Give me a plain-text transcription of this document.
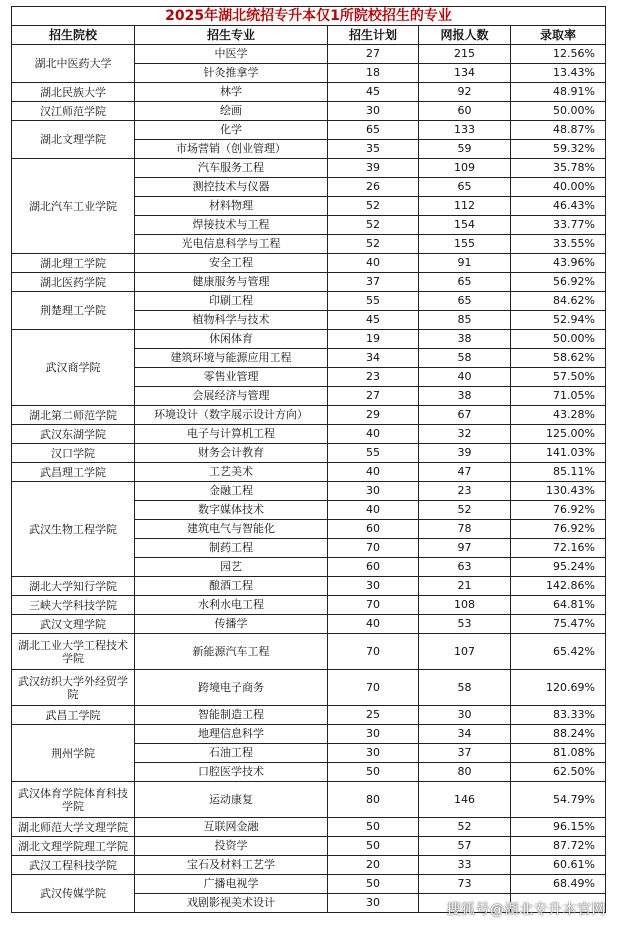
2025年湖北统招专升本仅1所院校招生的专业				
招生院校	招生专业	招生计划	网报人数	录取率
湖北中医药大学	中医学	27	215	12.56%
	针灸推拿学	18	134	13.43%
湖北民族大学	林学	45	92	48.91%
汉江师范学院	绘画	30	60	50.00%
湖北文理学院	化学	65	133	48.87%
	市场营销（创业管理）	35	59	59.32%
湖北汽车工业学院	汽车服务工程	39	109	35.78%
	测控技术与仪器	26	65	40.00%
	材料物理	52	112	46.43%
	焊接技术与工程	52	154	33.77%
	光电信息科学与工程	52	155	33.55%
湖北理工学院	安全工程	40	91	43.96%
湖北医药学院	健康服务与管理	37	65	56.92%
荆楚理工学院	印刷工程	55	65	84.62%
	植物科学与技术	45	85	52.94%
武汉商学院	休闲体育	19	38	50.00%
	建筑环境与能源应用工程	34	58	58.62%
	零售业管理	23	40	57.50%
	会展经济与管理	27	38	71.05%
湖北第二师范学院	环境设计（数字展示设计方向）	29	67	43.28%
武汉东湖学院	电子与计算机工程	40	32	125.00%
汉口学院	财务会计教育	55	39	141.03%
武昌理工学院	工艺美术	40	47	85.11%
武汉生物工程学院	金融工程	30	23	130.43%
	数字媒体技术	40	52	76.92%
	建筑电气与智能化	60	78	76.92%
	制药工程	70	97	72.16%
	园艺	60	63	95.24%
湖北大学知行学院	酿酒工程	30	21	142.86%
三峡大学科技学院	水利水电工程	70	108	64.81%
武汉文理学院	传播学	40	53	75.47%
湖北工业大学工程技术学院	新能源汽车工程	70	107	65.42%
武汉纺织大学外经贸学院	跨境电子商务	70	58	120.69%
武昌工学院	智能制造工程	25	30	83.33%
荆州学院	地理信息科学	30	34	88.24%
	石油工程	30	37	81.08%
	口腔医学技术	50	80	62.50%
武汉体育学院体育科技学院	运动康复	80	146	54.79%
湖北师范大学文理学院	互联网金融	50	52	96.15%
湖北文理学院理工学院	投资学	50	57	87.72%
武汉工程科技学院	宝石及材料工艺学	20	33	60.61%
武汉传媒学院	广播电视学	50	73	68.49%
	戏剧影视美术设计	30			搜狐号@湖北专升本官网
